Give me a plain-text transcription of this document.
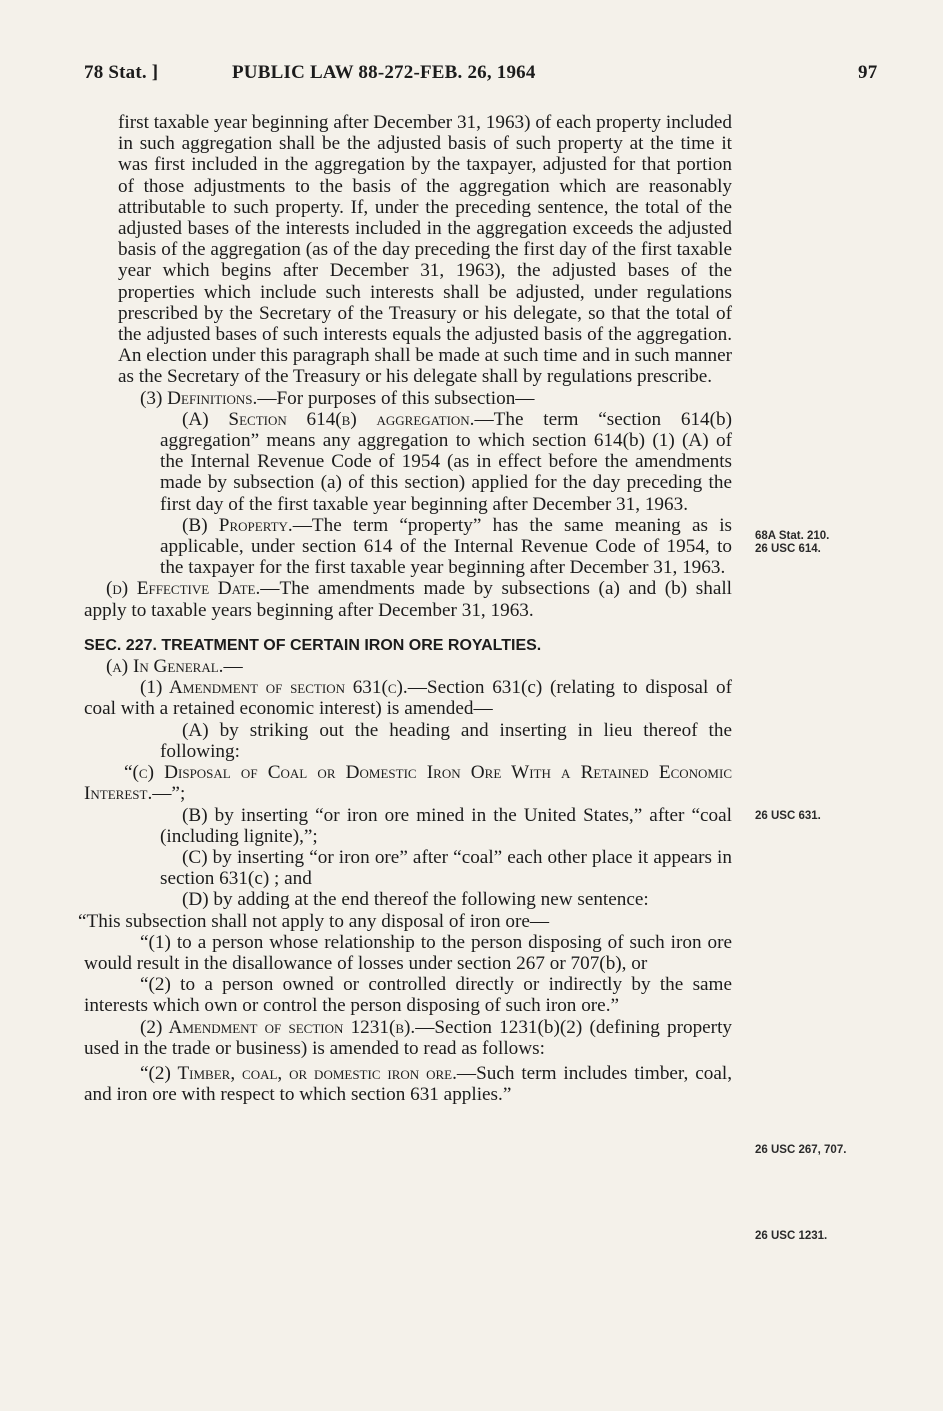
78 Stat. ]	PUBLIC LAW 88-272-FEB. 26, 1964	97

first taxable year beginning after December 31, 1963) of each property included in such aggregation shall be the adjusted basis of such property at the time it was first included in the aggregation by the taxpayer, adjusted for that portion of those adjustments to the basis of the aggregation which are reasonably attributable to such property. If, under the preceding sentence, the total of the adjusted bases of the interests included in the aggregation exceeds the adjusted basis of the aggregation (as of the day preceding the first day of the first taxable year which begins after December 31, 1963), the adjusted bases of the properties which include such interests shall be adjusted, under regulations prescribed by the Secretary of the Treasury or his delegate, so that the total of the adjusted bases of such interests equals the adjusted basis of the aggregation. An election under this paragraph shall be made at such time and in such manner as the Secretary of the Treasury or his delegate shall by regulations prescribe.

(3) Definitions.—For purposes of this subsection—

(A) Section 614(b) aggregation.—The term “section 614(b) aggregation” means any aggregation to which section 614(b) (1) (A) of the Internal Revenue Code of 1954 (as in effect before the amendments made by subsection (a) of this section) applied for the day preceding the first day of the first taxable year beginning after December 31, 1963.

(B) Property.—The term “property” has the same meaning as is applicable, under section 614 of the Internal Revenue Code of 1954, to the taxpayer for the first taxable year beginning after December 31, 1963.

(d) Effective Date.—The amendments made by subsections (a) and (b) shall apply to taxable years beginning after December 31, 1963.

SEC. 227. TREATMENT OF CERTAIN IRON ORE ROYALTIES.

(a) In General.—

(1) Amendment of section 631(c).—Section 631(c) (relating to disposal of coal with a retained economic interest) is amended—

(A) by striking out the heading and inserting in lieu thereof the following:

“(c) Disposal of Coal or Domestic Iron Ore With a Retained Economic Interest.—”;

(B) by inserting “or iron ore mined in the United States,” after “coal (including lignite),”;

(C) by inserting “or iron ore” after “coal” each other place it appears in section 631(c) ; and

(D) by adding at the end thereof the following new sentence:

“This subsection shall not apply to any disposal of iron ore—

“(1) to a person whose relationship to the person disposing of such iron ore would result in the disallowance of losses under section 267 or 707(b), or

“(2) to a person owned or controlled directly or indirectly by the same interests which own or control the person disposing of such iron ore.”

(2) Amendment of section 1231(b).—Section 1231(b)(2) (defining property used in the trade or business) is amended to read as follows:

“(2) Timber, coal, or domestic iron ore.—Such term includes timber, coal, and iron ore with respect to which section 631 applies.”

68A Stat. 210.
26 USC 614.
26 USC 631.
26 USC 267, 707.
26 USC 1231.
